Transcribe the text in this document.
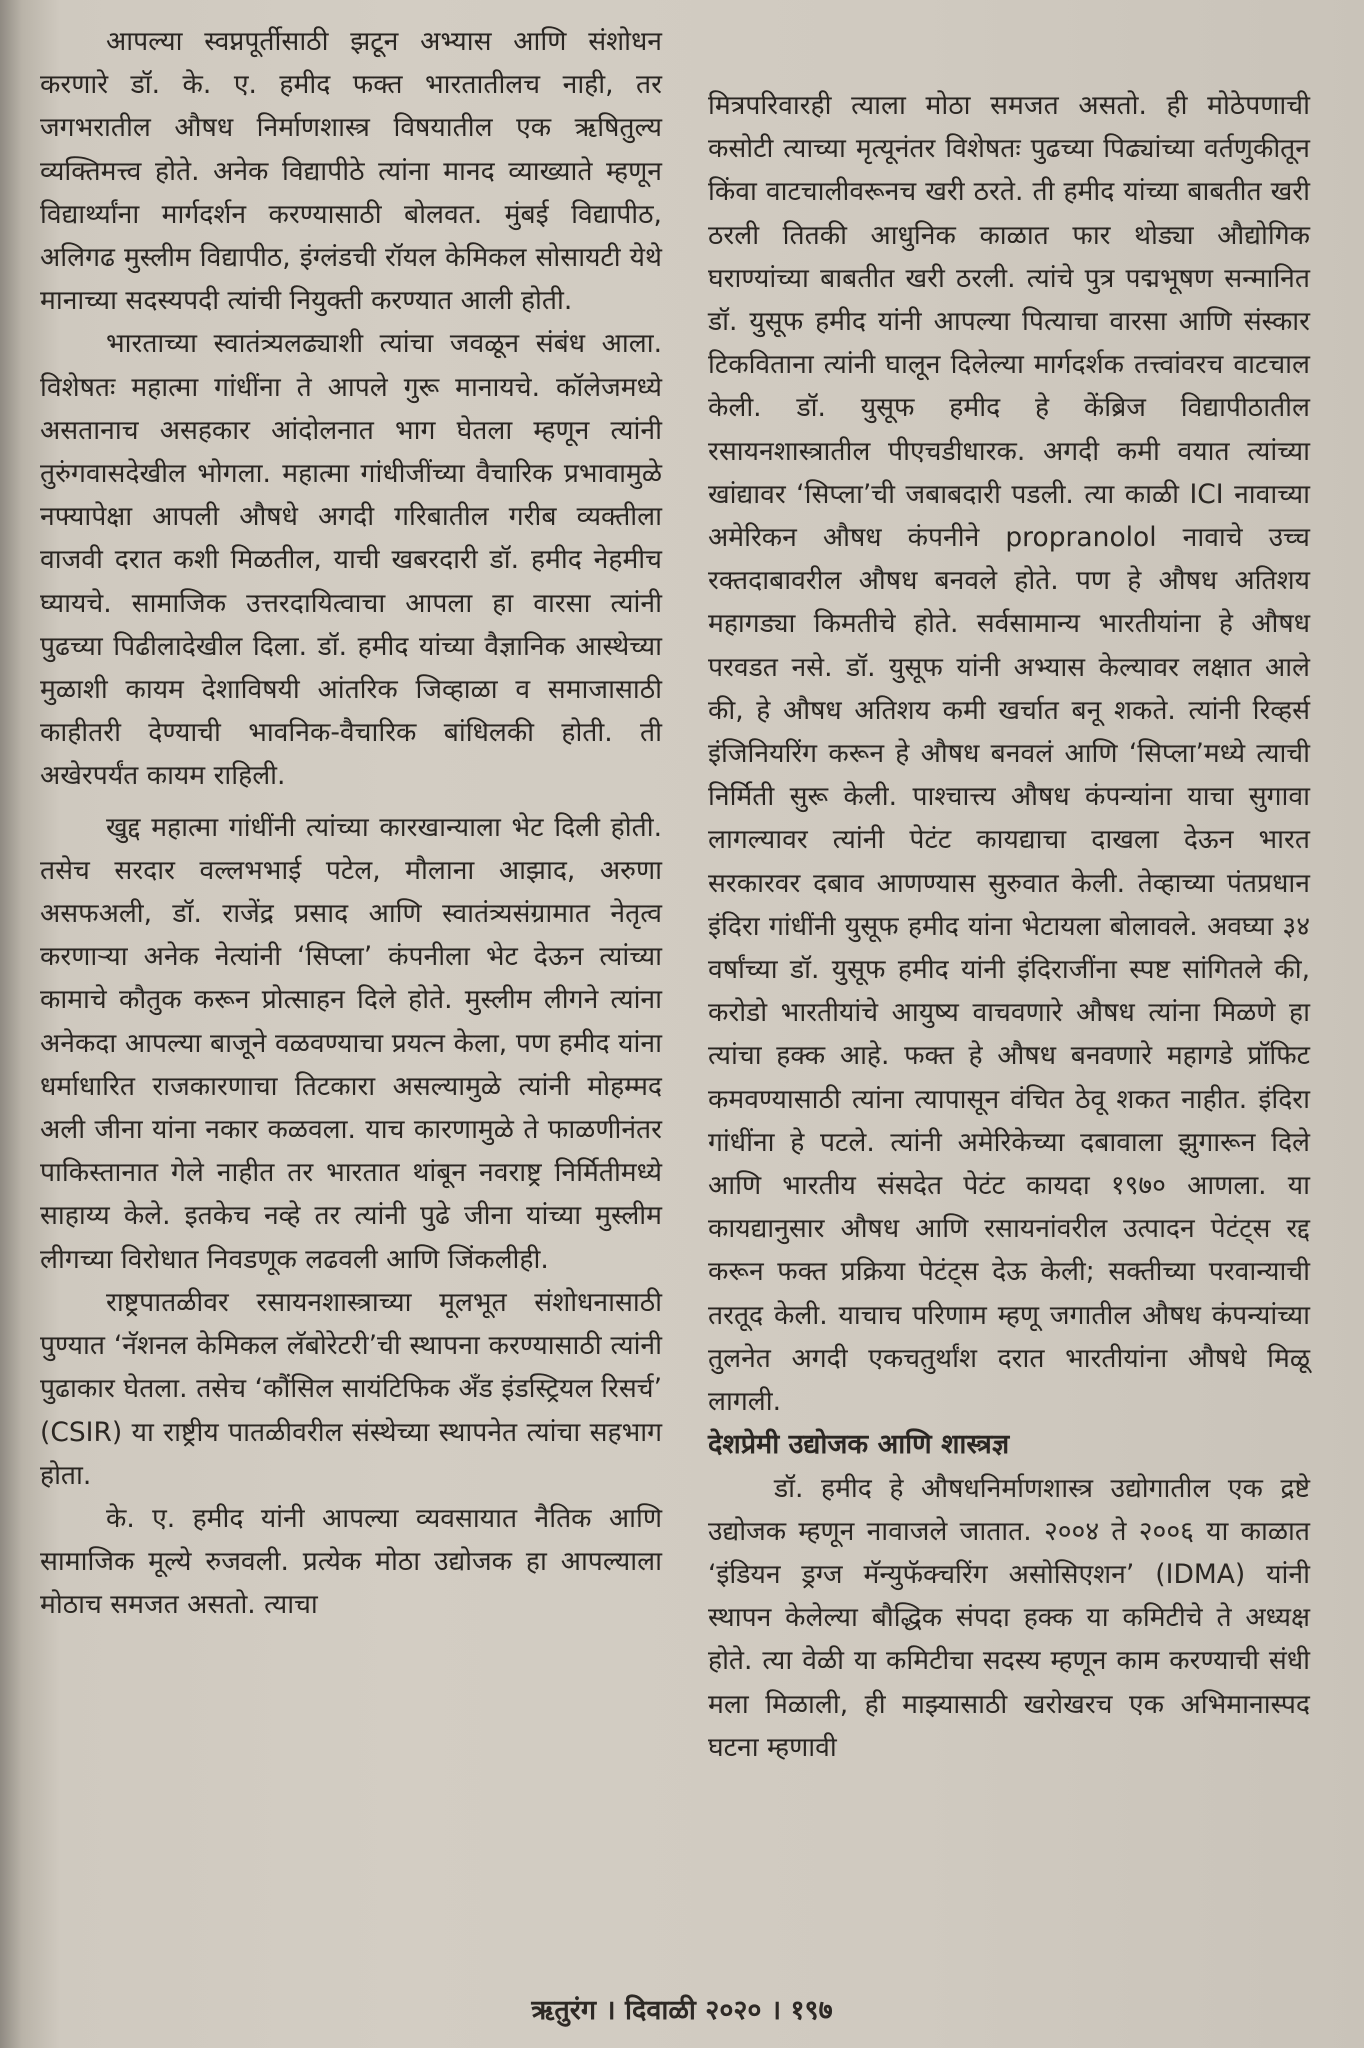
आपल्या स्वप्नपूर्तीसाठी झटून अभ्यास आणि संशोधन करणारे डॉ. के. ए. हमीद फक्त भारतातीलच नाही, तर जगभरातील औषध निर्माणशास्त्र विषयातील एक ऋषितुल्य व्यक्तिमत्त्व होते. अनेक विद्यापीठे त्यांना मानद व्याख्याते म्हणून विद्यार्थ्यांना मार्गदर्शन करण्यासाठी बोलवत. मुंबई विद्यापीठ, अलिगढ मुस्लीम विद्यापीठ, इंग्लंडची रॉयल केमिकल सोसायटी येथे मानाच्या सदस्यपदी त्यांची नियुक्ती करण्यात आली होती.

भारताच्या स्वातंत्र्यलढ्याशी त्यांचा जवळून संबंध आला. विशेषतः महात्मा गांधींना ते आपले गुरू मानायचे. कॉलेजमध्ये असतानाच असहकार आंदोलनात भाग घेतला म्हणून त्यांनी तुरुंगवासदेखील भोगला. महात्मा गांधीजींच्या वैचारिक प्रभावामुळे नफ्यापेक्षा आपली औषधे अगदी गरिबातील गरीब व्यक्तीला वाजवी दरात कशी मिळतील, याची खबरदारी डॉ. हमीद नेहमीच घ्यायचे. सामाजिक उत्तरदायित्वाचा आपला हा वारसा त्यांनी पुढच्या पिढीलादेखील दिला. डॉ. हमीद यांच्या वैज्ञानिक आस्थेच्या मुळाशी कायम देशाविषयी आंतरिक जिव्हाळा व समाजासाठी काहीतरी देण्याची भावनिक-वैचारिक बांधिलकी होती. ती अखेरपर्यंत कायम राहिली.

खुद्द महात्मा गांधींनी त्यांच्या कारखान्याला भेट दिली होती. तसेच सरदार वल्लभभाई पटेल, मौलाना आझाद, अरुणा असफअली, डॉ. राजेंद्र प्रसाद आणि स्वातंत्र्यसंग्रामात नेतृत्व करणाऱ्या अनेक नेत्यांनी ‘सिप्ला’ कंपनीला भेट देऊन त्यांच्या कामाचे कौतुक करून प्रोत्साहन दिले होते. मुस्लीम लीगने त्यांना अनेकदा आपल्या बाजूने वळवण्याचा प्रयत्न केला, पण हमीद यांना धर्माधारित राजकारणाचा तिटकारा असल्यामुळे त्यांनी मोहम्मद अली जीना यांना नकार कळवला. याच कारणामुळे ते फाळणीनंतर पाकिस्तानात गेले नाहीत तर भारतात थांबून नवराष्ट्र निर्मितीमध्ये साहाय्य केले. इतकेच नव्हे तर त्यांनी पुढे जीना यांच्या मुस्लीम लीगच्या विरोधात निवडणूक लढवली आणि जिंकलीही.

राष्ट्रपातळीवर रसायनशास्त्राच्या मूलभूत संशोधनासाठी पुण्यात ‘नॅशनल केमिकल लॅबोरेटरी’ची स्थापना करण्यासाठी त्यांनी पुढाकार घेतला. तसेच ‘कौंसिल सायंटिफिक अँड इंडस्ट्रियल रिसर्च’ (CSIR) या राष्ट्रीय पातळीवरील संस्थेच्या स्थापनेत त्यांचा सहभाग होता.

के. ए. हमीद यांनी आपल्या व्यवसायात नैतिक आणि सामाजिक मूल्ये रुजवली. प्रत्येक मोठा उद्योजक हा आपल्याला मोठाच समजत असतो. त्याचा

मित्रपरिवारही त्याला मोठा समजत असतो. ही मोठेपणाची कसोटी त्याच्या मृत्यूनंतर विशेषतः पुढच्या पिढ्यांच्या वर्तणुकीतून किंवा वाटचालीवरूनच खरी ठरते. ती हमीद यांच्या बाबतीत खरी ठरली तितकी आधुनिक काळात फार थोड्या औद्योगिक घराण्यांच्या बाबतीत खरी ठरली. त्यांचे पुत्र पद्मभूषण सन्मानित डॉ. युसूफ हमीद यांनी आपल्या पित्याचा वारसा आणि संस्कार टिकविताना त्यांनी घालून दिलेल्या मार्गदर्शक तत्त्वांवरच वाटचाल केली. डॉ. युसूफ हमीद हे केंब्रिज विद्यापीठातील रसायनशास्त्रातील पीएचडीधारक. अगदी कमी वयात त्यांच्या खांद्यावर ‘सिप्ला’ची जबाबदारी पडली. त्या काळी ICI नावाच्या अमेरिकन औषध कंपनीने propranolol नावाचे उच्च रक्तदाबावरील औषध बनवले होते. पण हे औषध अतिशय महागड्या किमतीचे होते. सर्वसामान्य भारतीयांना हे औषध परवडत नसे. डॉ. युसूफ यांनी अभ्यास केल्यावर लक्षात आले की, हे औषध अतिशय कमी खर्चात बनू शकते. त्यांनी रिव्हर्स इंजिनियरिंग करून हे औषध बनवलं आणि ‘सिप्ला’मध्ये त्याची निर्मिती सुरू केली. पाश्चात्त्य औषध कंपन्यांना याचा सुगावा लागल्यावर त्यांनी पेटंट कायद्याचा दाखला देऊन भारत सरकारवर दबाव आणण्यास सुरुवात केली. तेव्हाच्या पंतप्रधान इंदिरा गांधींनी युसूफ हमीद यांना भेटायला बोलावले. अवघ्या ३४ वर्षांच्या डॉ. युसूफ हमीद यांनी इंदिराजींना स्पष्ट सांगितले की, करोडो भारतीयांचे आयुष्य वाचवणारे औषध त्यांना मिळणे हा त्यांचा हक्क आहे. फक्त हे औषध बनवणारे महागडे प्रॉफिट कमवण्यासाठी त्यांना त्यापासून वंचित ठेवू शकत नाहीत. इंदिरा गांधींना हे पटले. त्यांनी अमेरिकेच्या दबावाला झुगारून दिले आणि भारतीय संसदेत पेटंट कायदा १९७० आणला. या कायद्यानुसार औषध आणि रसायनांवरील उत्पादन पेटंट्स रद्द करून फक्त प्रक्रिया पेटंट्स देऊ केली; सक्तीच्या परवान्याची तरतूद केली. याचाच परिणाम म्हणू जगातील औषध कंपन्यांच्या तुलनेत अगदी एकचतुर्थांश दरात भारतीयांना औषधे मिळू लागली.

देशप्रेमी उद्योजक आणि शास्त्रज्ञ

डॉ. हमीद हे औषधनिर्माणशास्त्र उद्योगातील एक द्रष्टे उद्योजक म्हणून नावाजले जातात. २००४ ते २००६ या काळात ‘इंडियन ड्रग्ज मॅन्युफॅक्चरिंग असोसिएशन’ (IDMA) यांनी स्थापन केलेल्या बौद्धिक संपदा हक्क या कमिटीचे ते अध्यक्ष होते. त्या वेळी या कमिटीचा सदस्य म्हणून काम करण्याची संधी मला मिळाली, ही माझ्यासाठी खरोखरच एक अभिमानास्पद घटना म्हणावी

ऋतुरंग । दिवाळी २०२० । १९७
